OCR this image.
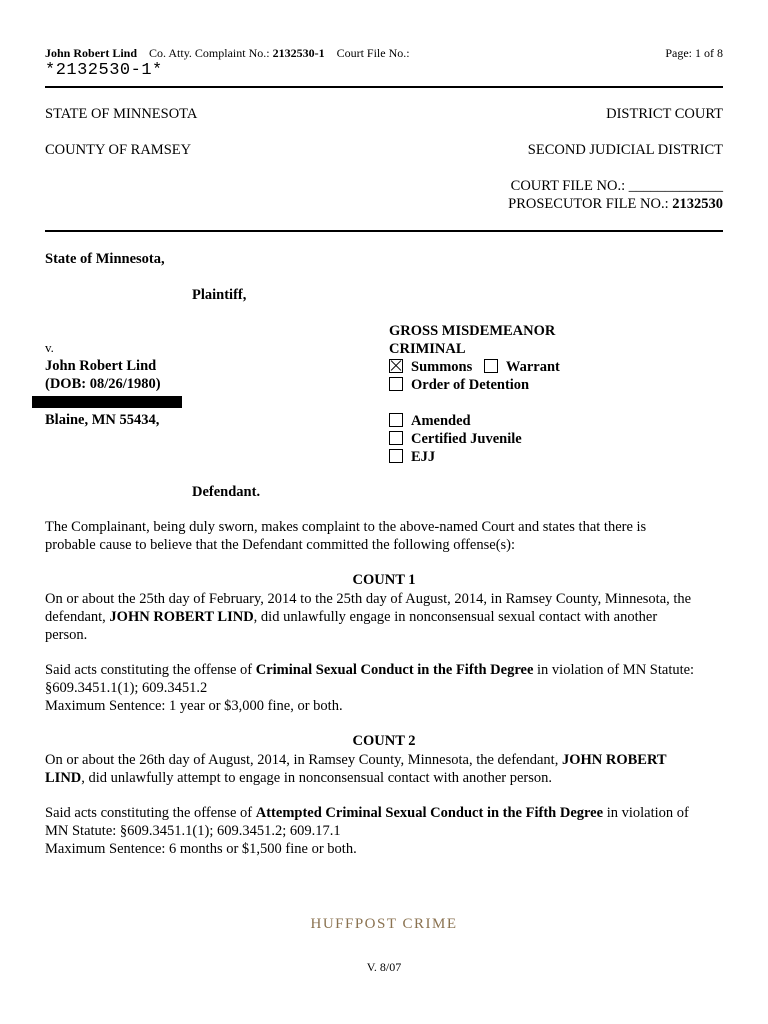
John Robert Lind Co. Atty. Complaint No.: 2132530-1 Court File No.:	Page: 1 of 8
*2132530-1*
STATE OF MINNESOTA	DISTRICT COURT
COUNTY OF RAMSEY	SECOND JUDICIAL DISTRICT
COURT FILE NO.: _____________
PROSECUTOR FILE NO.: 2132530
State of Minnesota,
Plaintiff,
v.
John Robert Lind
(DOB: 08/26/1980)
Blaine, MN 55434,
Defendant.
GROSS MISDEMEANOR
CRIMINAL
Summons Warrant
Order of Detention
Amended
Certified Juvenile
EJJ
The Complainant, being duly sworn, makes complaint to the above-named Court and states that there is
probable cause to believe that the Defendant committed the following offense(s):
COUNT 1
On or about the 25th day of February, 2014 to the 25th day of August, 2014, in Ramsey County, Minnesota, the
defendant, JOHN ROBERT LIND, did unlawfully engage in nonconsensual sexual contact with another
person.
Said acts constituting the offense of Criminal Sexual Conduct in the Fifth Degree in violation of MN Statute:
§609.3451.1(1); 609.3451.2
Maximum Sentence: 1 year or $3,000 fine, or both.
COUNT 2
On or about the 26th day of August, 2014, in Ramsey County, Minnesota, the defendant, JOHN ROBERT
LIND, did unlawfully attempt to engage in nonconsensual contact with another person.
Said acts constituting the offense of Attempted Criminal Sexual Conduct in the Fifth Degree in violation of
MN Statute: §609.3451.1(1); 609.3451.2; 609.17.1
Maximum Sentence: 6 months or $1,500 fine or both.
HUFFPOST CRIME
V. 8/07
